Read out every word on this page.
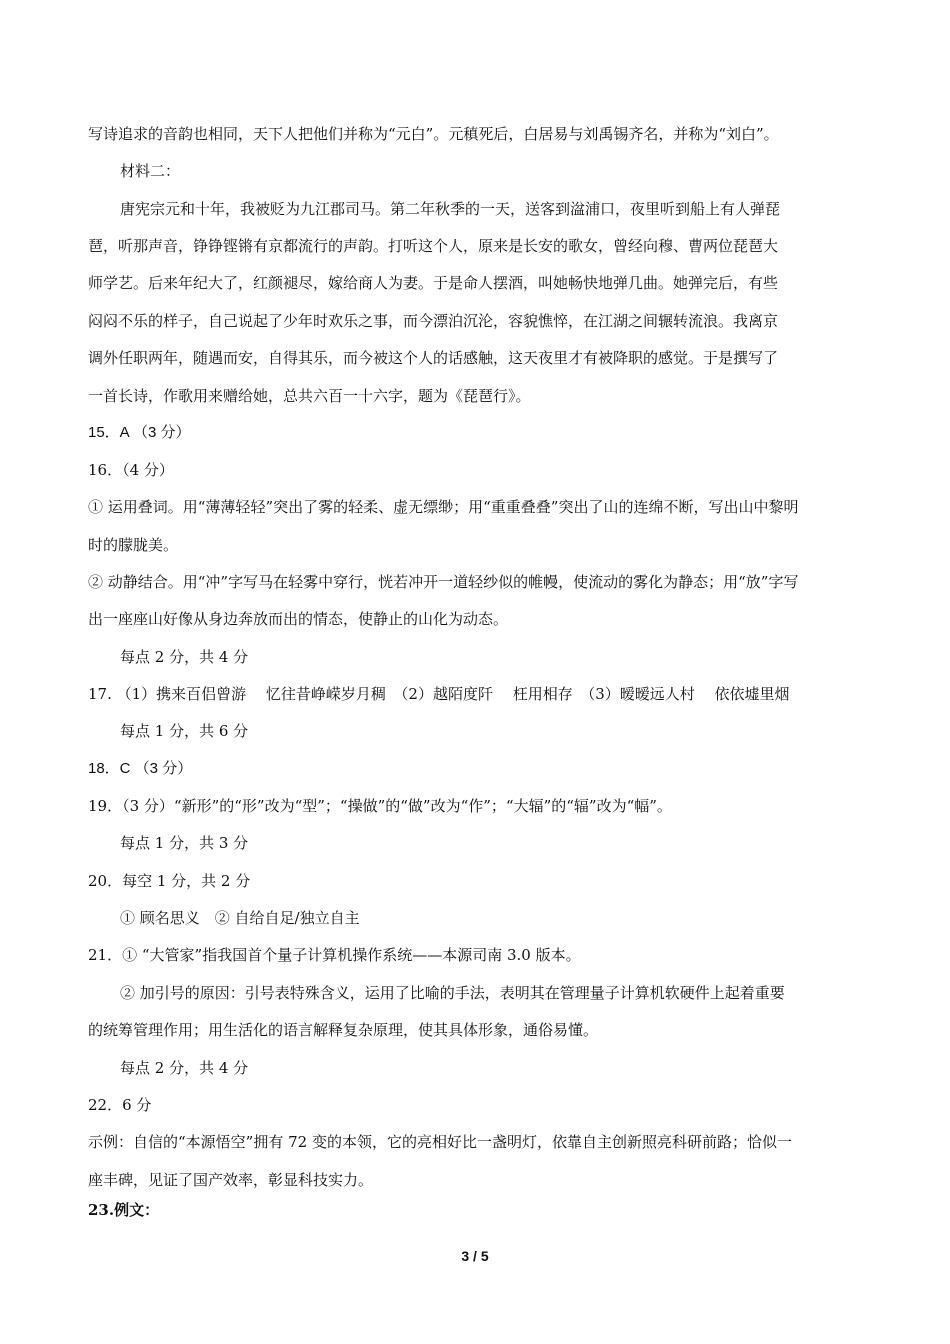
写诗追求的音韵也相同，天下人把他们并称为“元白”。元稹死后，白居易与刘禹锡齐名，并称为“刘白”。
材料二：
唐宪宗元和十年，我被贬为九江郡司马。第二年秋季的一天，送客到湓浦口，夜里听到船上有人弹琵
琶，听那声音，铮铮铿锵有京都流行的声韵。打听这个人，原来是长安的歌女，曾经向穆、曹两位琵琶大
师学艺。后来年纪大了，红颜褪尽，嫁给商人为妻。于是命人摆酒，叫她畅快地弹几曲。她弹完后，有些
闷闷不乐的样子，自己说起了少年时欢乐之事，而今漂泊沉沦，容貌憔悴，在江湖之间辗转流浪。我离京
调外任职两年，随遇而安，自得其乐，而今被这个人的话感触，这天夜里才有被降职的感觉。于是撰写了
一首长诗，作歌用来赠给她，总共六百一十六字，题为《琵琶行》。
15．A （3 分）
16．（4 分）
① 运用叠词。用“薄薄轻轻”突出了雾的轻柔、虚无缥缈；用“重重叠叠”突出了山的连绵不断，写出山中黎明
时的朦胧美。
② 动静结合。用“冲”字写马在轻雾中穿行，恍若冲开一道轻纱似的帷幔，使流动的雾化为静态；用“放”字写
出一座座山好像从身边奔放而出的情态，使静止的山化为动态。
每点 2 分，共 4 分
17. （1）携来百侣曾游　 忆往昔峥嵘岁月稠　（2）越陌度阡　 枉用相存　（3）暧暧远人村　 依依墟里烟
每点 1 分，共 6 分
18．C （3 分）
19．（3 分）“新形”的“形”改为“型”；“操做”的“做”改为“作”；“大辐”的“辐”改为“幅”。
每点 1 分，共 3 分
20．每空 1 分，共 2 分
① 顾名思义　② 自给自足/独立自主
21．① “大管家”指我国首个量子计算机操作系统——本源司南 3.0 版本。
② 加引号的原因：引号表特殊含义，运用了比喻的手法，表明其在管理量子计算机软硬件上起着重要
的统筹管理作用；用生活化的语言解释复杂原理，使其具体形象，通俗易懂。
每点 2 分，共 4 分
22．6 分
示例：自信的“本源悟空”拥有 72 变的本领，它的亮相好比一盏明灯，依靠自主创新照亮科研前路；恰似一
座丰碑，见证了国产效率，彰显科技实力。
23.例文：
3 / 5
